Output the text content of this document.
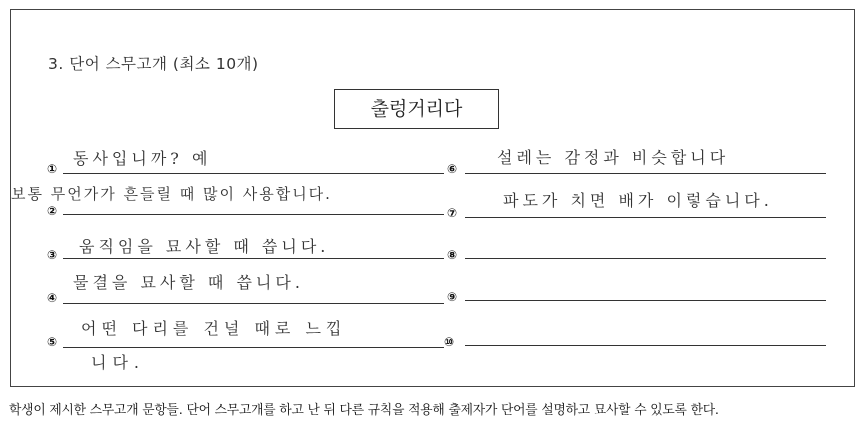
3. 단어 스무고개 (최소 10개)
출렁거리다
①
②
③
④
⑤
⑥
⑦
⑧
⑨
⑩
동사입니까? 예
보통 무언가가 흔들릴 때 많이 사용합니다.
움직임을 묘사할 때 씁니다.
물결을 묘사할 때 씁니다.
어떤 다리를 건널 때로 느낍
니다.
설레는 감정과 비슷합니다
파도가 치면 배가 이렇습니다.
학생이 제시한 스무고개 문항들. 단어 스무고개를 하고 난 뒤 다른 규칙을 적용해 출제자가 단어를 설명하고 묘사할 수 있도록 한다.
